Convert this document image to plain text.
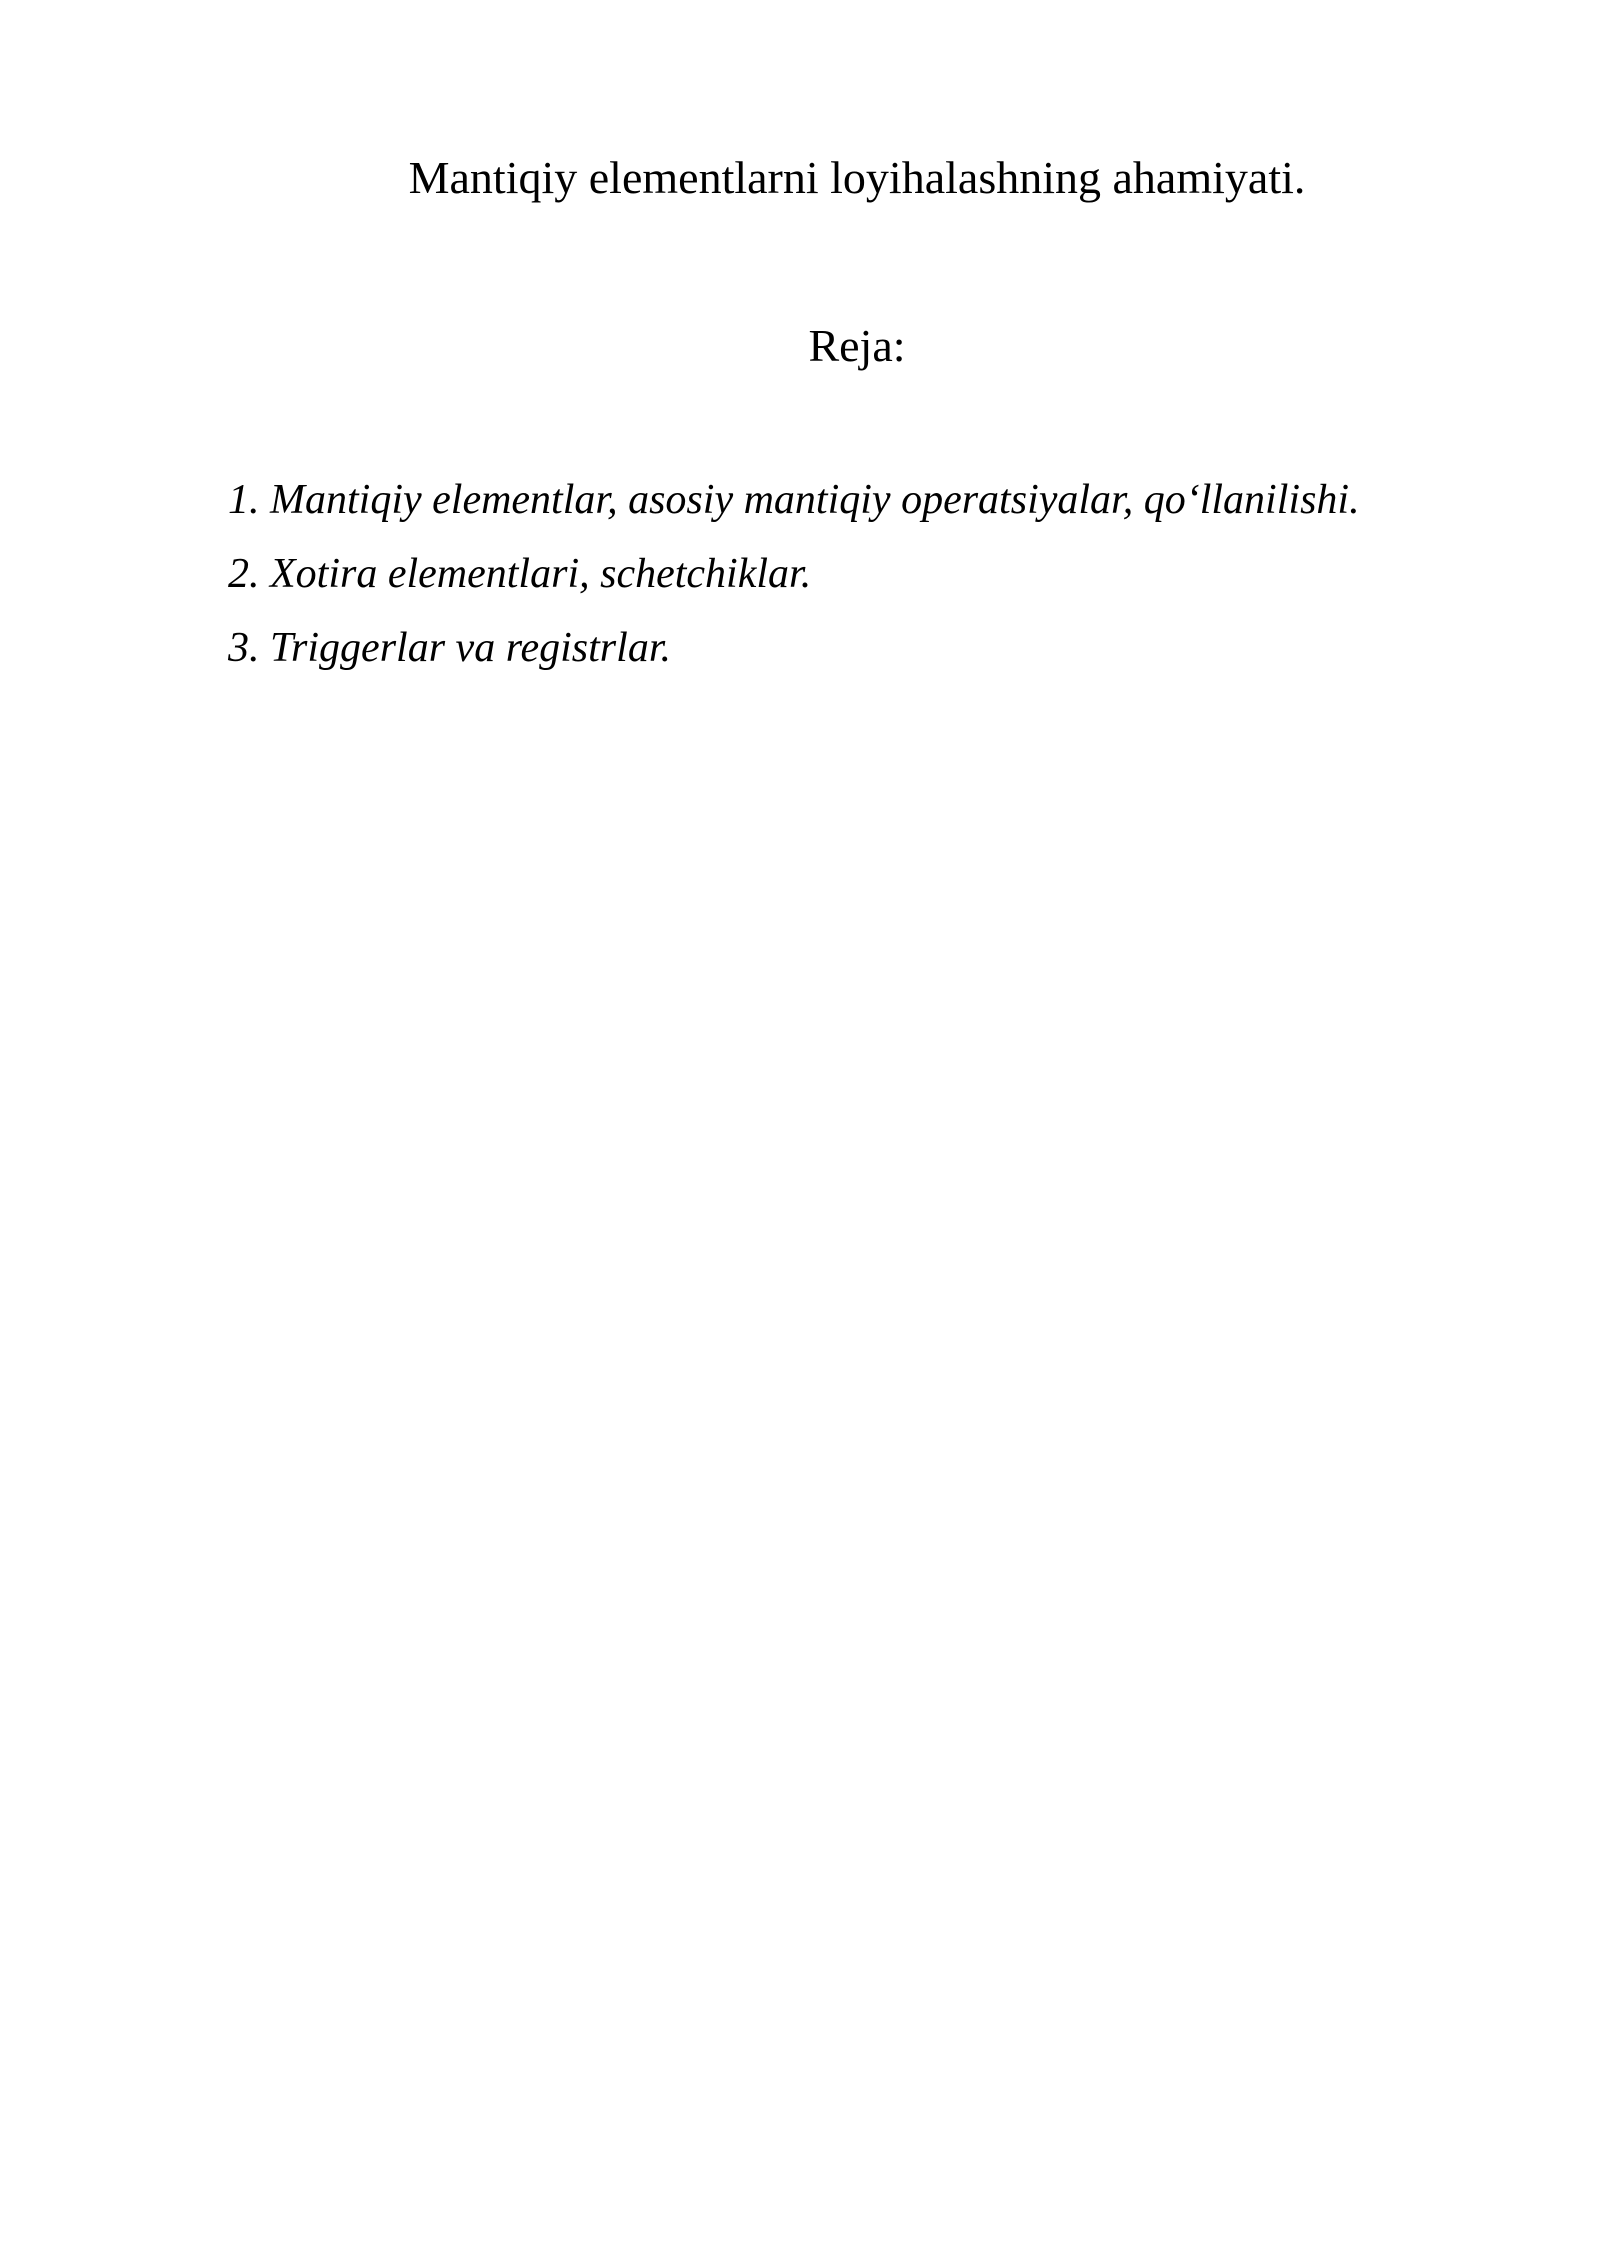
Mantiqiy elementlarni loyihalashning ahamiyati.
Reja:
1. Mantiqiy elementlar, asosiy mantiqiy operatsiyalar, qo‘llanilishi.
2. Xotira elementlari, schetchiklar.
3. Triggerlar va registrlar.
